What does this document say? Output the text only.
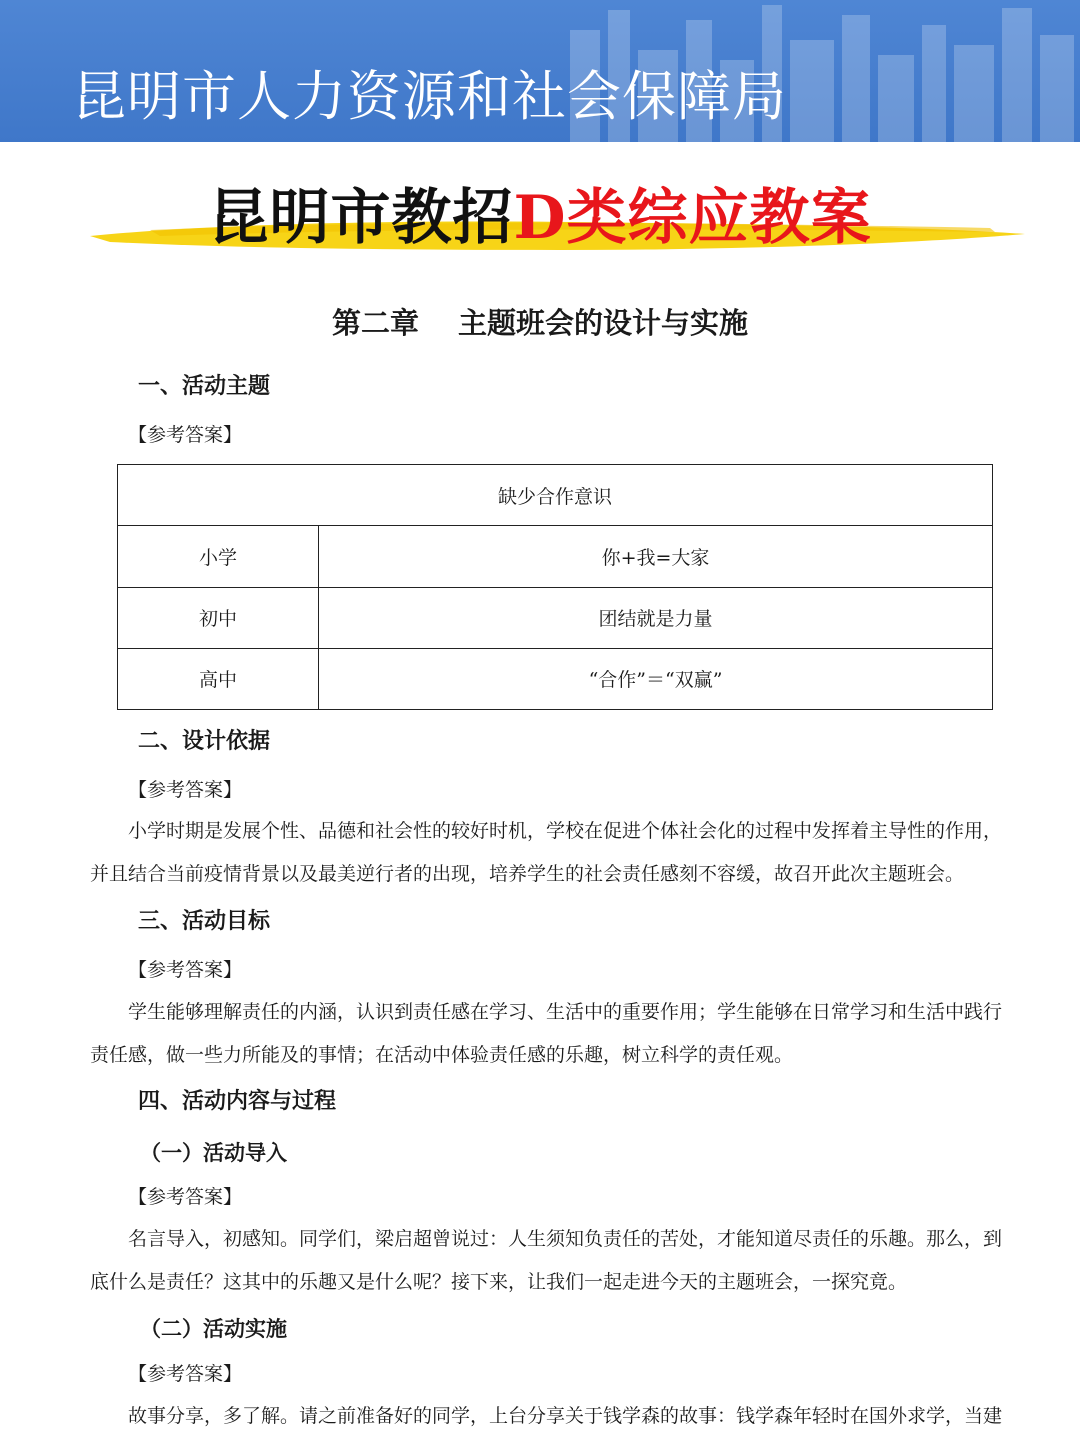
昆明市人力资源和社会保障局
昆明市教招D类综应教案
第二章　 主题班会的设计与实施
一、活动主题
【参考答案】
缺少合作意识	
小学	你+我=大家
初中	团结就是力量
高中	“合作”＝“双赢”
二、设计依据
【参考答案】
小学时期是发展个性、品德和社会性的较好时机，学校在促进个体社会化的过程中发挥着主导性的作用，
并且结合当前疫情背景以及最美逆行者的出现，培养学生的社会责任感刻不容缓，故召开此次主题班会。
三、活动目标
【参考答案】
学生能够理解责任的内涵，认识到责任感在学习、生活中的重要作用；学生能够在日常学习和生活中践行
责任感，做一些力所能及的事情；在活动中体验责任感的乐趣，树立科学的责任观。
四、活动内容与过程
（一）活动导入
【参考答案】
名言导入，初感知。同学们，梁启超曾说过：人生须知负责任的苦处，才能知道尽责任的乐趣。那么，到
底什么是责任？这其中的乐趣又是什么呢？接下来，让我们一起走进今天的主题班会，一探究竟。
（二）活动实施
【参考答案】
故事分享，多了解。请之前准备好的同学，上台分享关于钱学森的故事：钱学森年轻时在国外求学，当建
